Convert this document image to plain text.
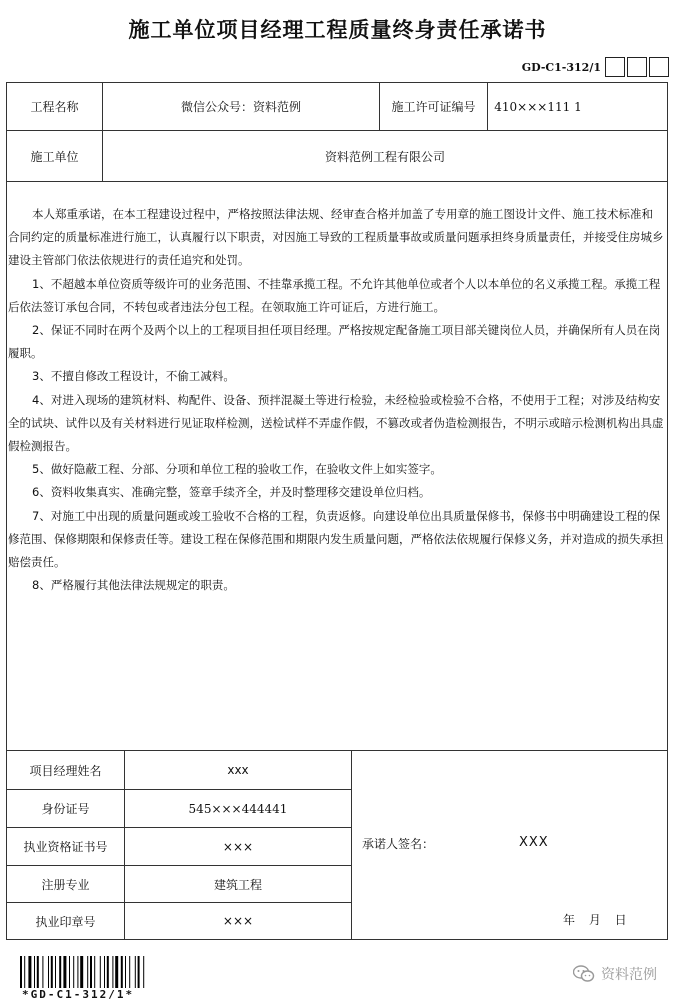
施工单位项目经理工程质量终身责任承诺书
GD-C1-312/1
工程名称	微信公众号：资料范例	施工许可证编号	410×××111 1
施工单位	资料范例工程有限公司

本人郑重承诺，在本工程建设过程中，严格按照法律法规、经审查合格并加盖了专用章的施工图设计文件、施工技术标准和合同约定的质量标准进行施工，认真履行以下职责，对因施工导致的工程质量事故或质量问题承担终身质量责任，并接受住房城乡建设主管部门依法依规进行的责任追究和处罚。

1、不超越本单位资质等级许可的业务范围、不挂靠承揽工程。不允许其他单位或者个人以本单位的名义承揽工程。承揽工程后依法签订承包合同，不转包或者违法分包工程。在领取施工许可证后，方进行施工。

2、保证不同时在两个及两个以上的工程项目担任项目经理。严格按规定配备施工项目部关键岗位人员，并确保所有人员在岗履职。

3、不擅自修改工程设计，不偷工减料。

4、对进入现场的建筑材料、构配件、设备、预拌混凝土等进行检验，未经检验或检验不合格，不使用于工程；对涉及结构安全的试块、试件以及有关材料进行见证取样检测，送检试样不弄虚作假，不篡改或者伪造检测报告，不明示或暗示检测机构出具虚假检测报告。

5、做好隐蔽工程、分部、分项和单位工程的验收工作，在验收文件上如实签字。

6、资料收集真实、准确完整，签章手续齐全，并及时整理移交建设单位归档。

7、对施工中出现的质量问题或竣工验收不合格的工程，负责返修。向建设单位出具质量保修书，保修书中明确建设工程的保修范围、保修期限和保修责任等。建设工程在保修范围和期限内发生质量问题，严格依法依规履行保修义务，并对造成的损失承担赔偿责任。

8、严格履行其他法律法规规定的职责。

项目经理姓名	xxx
身份证号	545×××444441
执业资格证书号	×××
注册专业	建筑工程
执业印章号	×××
承诺人签名：	XXX
年 月 日
*GD-C1-312/1*
资料范例
